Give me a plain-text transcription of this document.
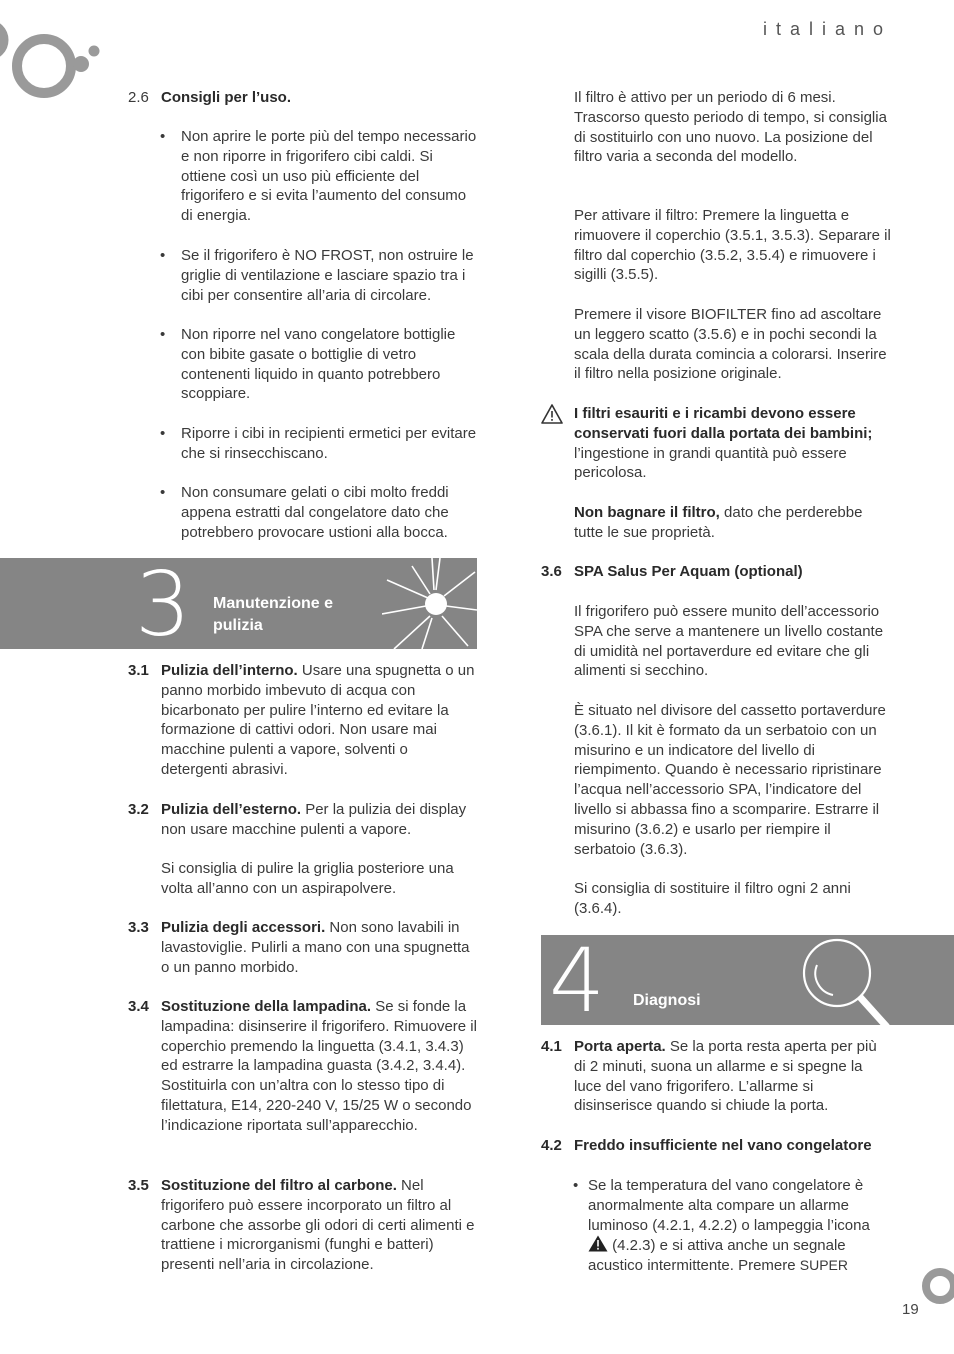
italiano
2.6 Consigli per l’uso.
• Non aprire le porte più del tempo necessario e non riporre in frigorifero cibi caldi. Si ottiene così un uso più efficiente del frigorifero e si evita l’aumento del consumo di energia.
• Se il frigorifero è NO FROST, non ostruire le griglie di ventilazione e lasciare spazio tra i cibi per consentire all’aria di circolare.
• Non riporre nel vano congelatore bottiglie con bibite gasate o bottiglie di vetro contenenti liquido in quanto potrebbero scoppiare.
• Riporre i cibi in recipienti ermetici per evitare che si rinsecchiscano.
• Non consumare gelati o cibi molto freddi appena estratti dal congelatore dato che potrebbero provocare ustioni alla bocca.
3.1 Pulizia dell’interno. Usare una spugnetta o un panno morbido imbevuto di acqua con bicarbonato per pulire l’interno ed evitare la formazione di cattivi odori. Non usare mai macchine pulenti a vapore, solventi o detergenti abrasivi.
3.2 Pulizia dell’esterno. Per la pulizia dei display non usare macchine pulenti a vapore.
Si consiglia di pulire la griglia posteriore una volta all’anno con un aspirapolvere.
3.3 Pulizia degli accessori. Non sono lavabili in lavastoviglie. Pulirli a mano con una spugnetta o un panno morbido.
3.4 Sostituzione della lampadina. Se si fonde la lampadina: disinserire il frigorifero. Rimuovere il coperchio premendo la linguetta (3.4.1, 3.4.3) ed estrarre la lampadina guasta (3.4.2, 3.4.4). Sostituirla con un’altra con lo stesso tipo di filettatura, E14, 220-240 V, 15/25 W o secondo l’indicazione riportata sull’apparecchio.
3.5 Sostituzione del filtro al carbone. Nel frigorifero può essere incorporato un filtro al carbone che assorbe gli odori di certi alimenti e trattiene i microrganismi (funghi e batteri) presenti nell’aria in circolazione.
3 Manutenzione e pulizia
Il filtro è attivo per un periodo di 6 mesi. Trascorso questo periodo di tempo, si consiglia di sostituirlo con uno nuovo. La posizione del filtro varia a seconda del modello.
Per attivare il filtro: Premere la linguetta e rimuovere il coperchio (3.5.1, 3.5.3). Separare il filtro dal coperchio (3.5.2, 3.5.4) e rimuovere i sigilli (3.5.5).
Premere il visore BIOFILTER fino ad ascoltare un leggero scatto (3.5.6) e in pochi secondi la scala della durata comincia a colorarsi. Inserire il filtro nella posizione originale.
I filtri esauriti e i ricambi devono essere conservati fuori dalla portata dei bambini; l’ingestione in grandi quantità può essere pericolosa.
Non bagnare il filtro, dato che perderebbe tutte le sue proprietà.
3.6 SPA Salus Per Aquam (optional)
Il frigorifero può essere munito dell’accessorio SPA che serve a mantenere un livello costante di umidità nel portaverdure ed evitare che gli alimenti si secchino.
È situato nel divisore del cassetto portaverdure (3.6.1). Il kit è formato da un serbatoio con un misurino e un indicatore del livello di riempimento. Quando è necessario ripristinare l’acqua nell’accessorio SPA, l’indicatore del livello si abbassa fino a scomparire. Estrarre il misurino (3.6.2) e usarlo per riempire il serbatoio (3.6.3).
Si consiglia di sostituire il filtro ogni 2 anni (3.6.4).
4.1 Porta aperta. Se la porta resta aperta per più di 2 minuti, suona un allarme e si spegne la luce del vano frigorifero. L’allarme si disinserisce quando si chiude la porta.
4.2 Freddo insufficiente nel vano congelatore
• Se la temperatura del vano congelatore è anormalmente alta compare un allarme luminoso (4.2.1, 4.2.2) o lampeggia l’icona
(4.2.3) e si attiva anche un segnale acustico intermittente. Premere SUPER
4 Diagnosi
19
